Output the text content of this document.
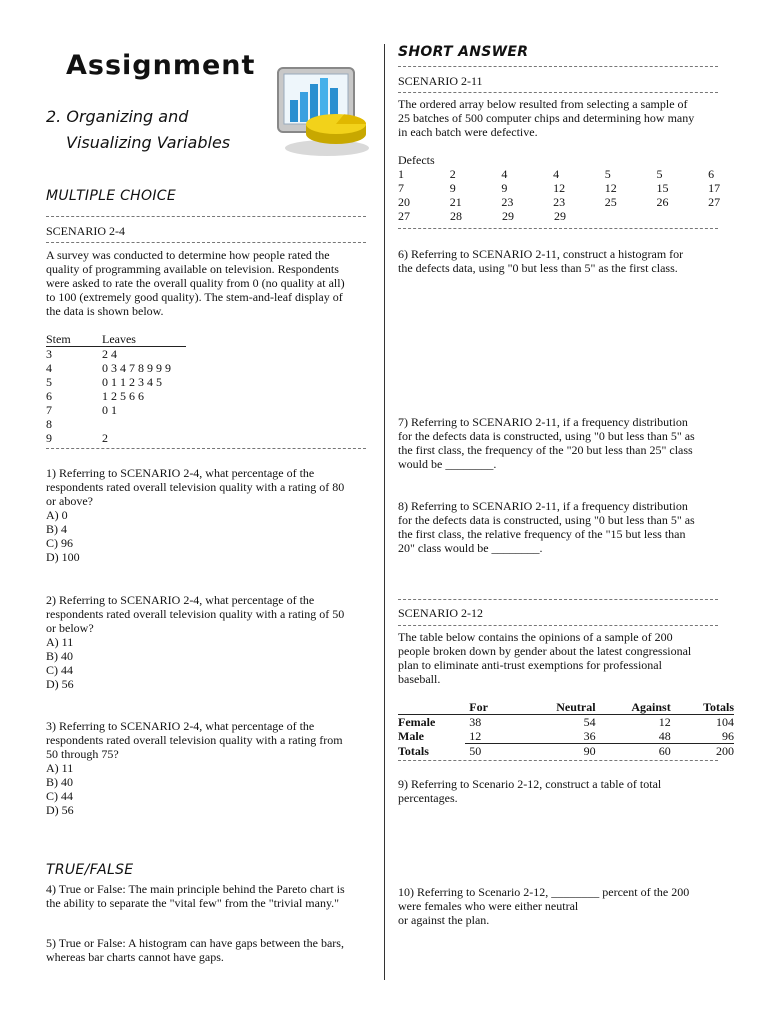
Assignment
2. Organizing and
Visualizing Variables
MULTIPLE CHOICE
SCENARIO 2-4
A survey was conducted to determine how people rated the
quality of programming available on television. Respondents
were asked to rate the overall quality from 0 (no quality at all)
to 100 (extremely good quality). The stem-and-leaf display of
the data is shown below.
Stem	Leaves
3	2 4
4	0 3 4 7 8 9 9 9
5	0 1 1 2 3 4 5
6	1 2 5 6 6
7	0 1
8	
9	2
1) Referring to SCENARIO 2-4, what percentage of the
respondents rated overall television quality with a rating of 80
or above?
A) 0
B) 4
C) 96
D) 100
2) Referring to SCENARIO 2-4, what percentage of the
respondents rated overall television quality with a rating of 50
or below?
A) 11
B) 40
C) 44
D) 56
3) Referring to SCENARIO 2-4, what percentage of the
respondents rated overall television quality with a rating from
50 through 75?
A) 11
B) 40
C) 44
D) 56
TRUE/FALSE
4) True or False: The main principle behind the Pareto chart is
the ability to separate the "vital few" from the "trivial many."
5) True or False: A histogram can have gaps between the bars,
whereas bar charts cannot have gaps.
SHORT ANSWER
SCENARIO 2-11
The ordered array below resulted from selecting a sample of
25 batches of 500 computer chips and determining how many
in each batch were defective.
Defects
1	2	4	4	5	5	6
7	9	9	12	12	15	17
20	21	23	23	25	26	27
27	28	29	29
6) Referring to SCENARIO 2-11, construct a histogram for
the defects data, using "0 but less than 5" as the first class.
7) Referring to SCENARIO 2-11, if a frequency distribution
for the defects data is constructed, using "0 but less than 5" as
the first class, the frequency of the "20 but less than 25" class
would be ________.
8) Referring to SCENARIO 2-11, if a frequency distribution
for the defects data is constructed, using "0 but less than 5" as
the first class, the relative frequency of the "15 but less than
20" class would be ________.
SCENARIO 2-12
The table below contains the opinions of a sample of 200
people broken down by gender about the latest congressional
plan to eliminate anti-trust exemptions for professional
baseball.
	For	Neutral	Against	Totals
Female	38	54	12	104
Male	12	36	48	96
Totals	50	90	60	200
9) Referring to Scenario 2-12, construct a table of total
percentages.
10) Referring to Scenario 2-12, ________ percent of the 200
were females who were either neutral
or against the plan.
